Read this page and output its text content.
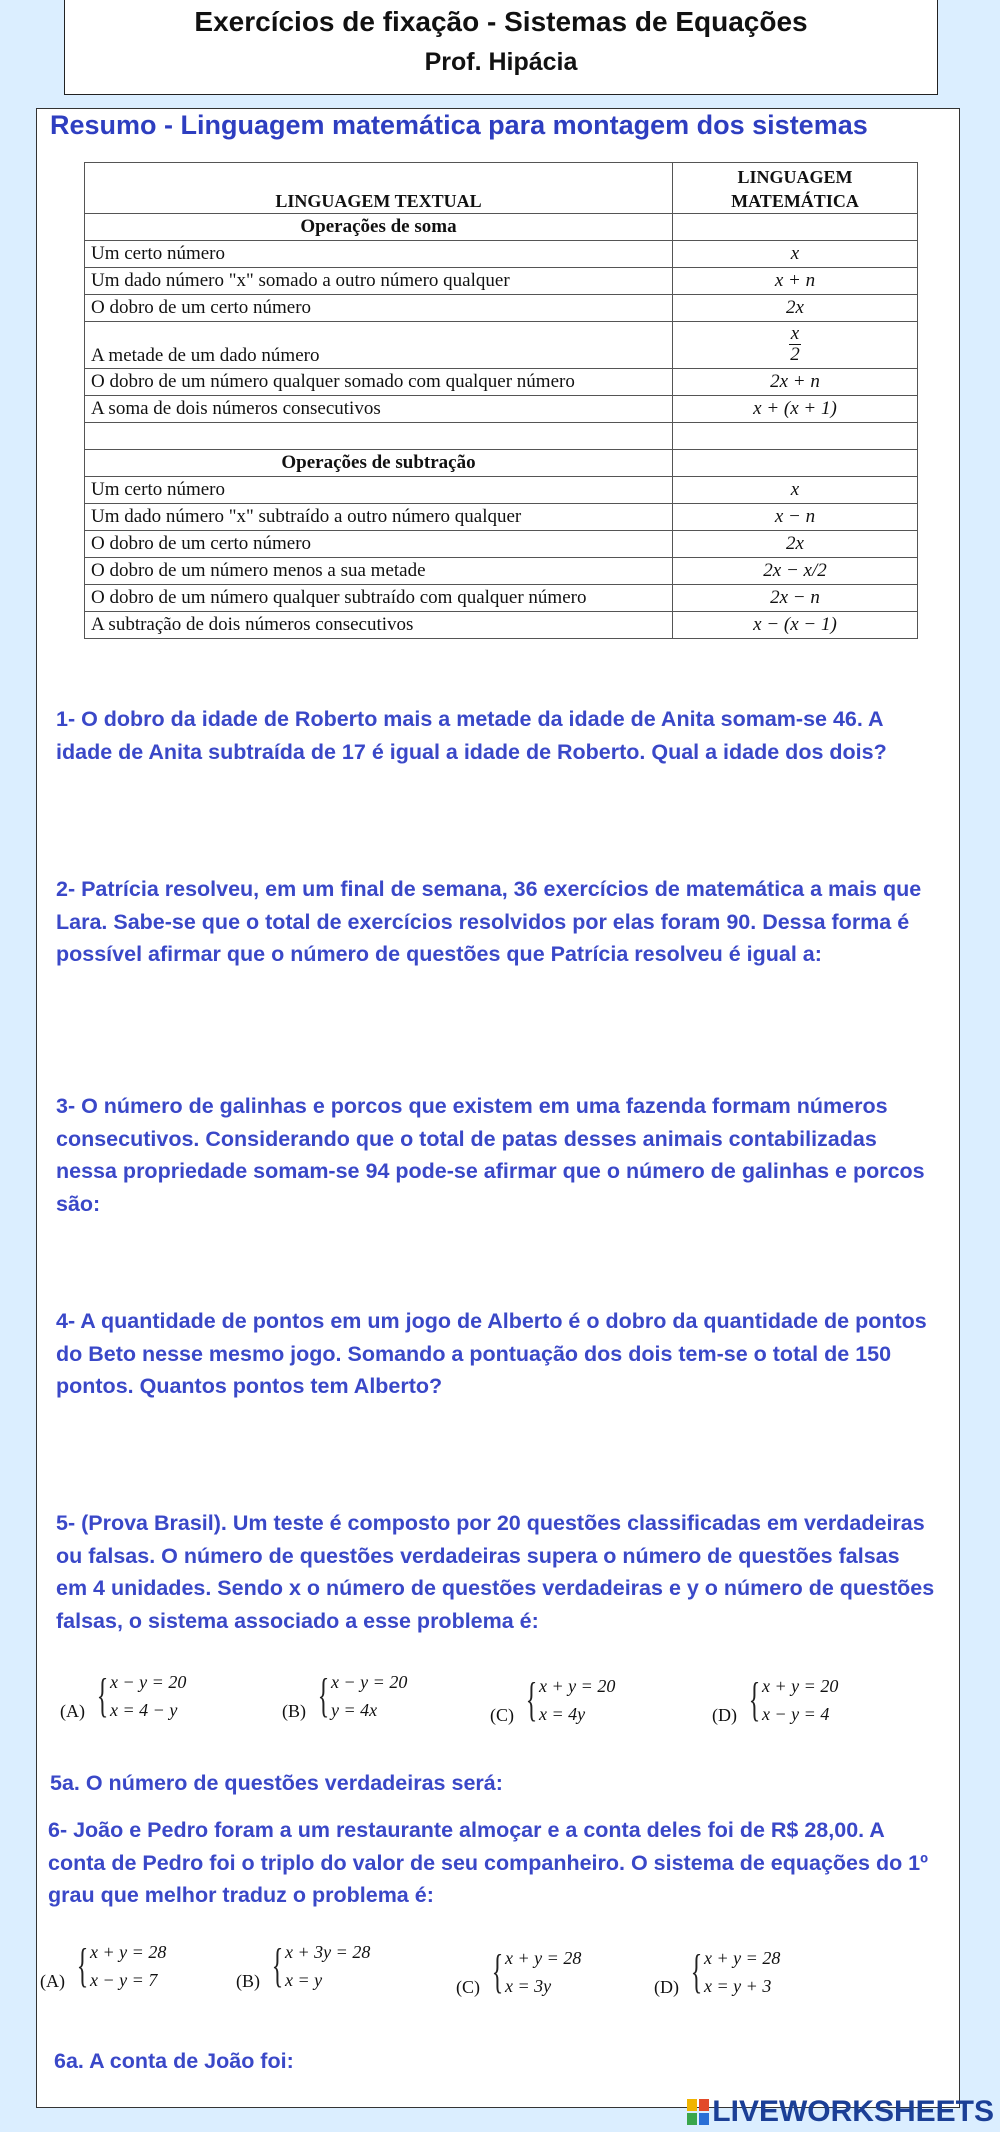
Exercícios de fixação - Sistemas de Equações
Prof. Hipácia
Resumo - Linguagem matemática para montagem dos sistemas
LINGUAGEM TEXTUAL	LINGUAGEM
MATEMÁTICA

Operações de soma	
Um certo número	x
Um dado número "x" somado a outro número qualquer	x + n
O dobro de um certo número	2x
A metade de um dado número	$\frac{x}{2}$

O dobro de um número qualquer somado com qualquer número	2x + n
A soma de dois números consecutivos	x + (x + 1)

Operações de subtração	
Um certo número	x
Um dado número "x" subtraído a outro número qualquer	x − n
O dobro de um certo número	2x
O dobro de um número menos a sua metade	2x − x/2
O dobro de um número qualquer subtraído com qualquer número	2x − n
A subtração de dois números consecutivos	x − (x − 1)
1- O dobro da idade de Roberto mais a metade da idade de Anita somam-se 46. A idade de Anita subtraída de 17 é igual a idade de Roberto. Qual a idade dos dois?
2- Patrícia resolveu, em um final de semana, 36 exercícios de matemática a mais que Lara. Sabe-se que o total de exercícios resolvidos por elas foram 90. Dessa forma é possível afirmar que o número de questões que Patrícia resolveu é igual a:
3- O número de galinhas e porcos que existem em uma fazenda formam números consecutivos. Considerando que o total de patas desses animais contabilizadas nessa propriedade somam-se 94 pode-se afirmar que o número de galinhas e porcos são:
4- A quantidade de pontos em um jogo de Alberto é o dobro da quantidade de pontos do Beto nesse mesmo jogo. Somando a pontuação dos dois tem-se o total de 150 pontos. Quantos pontos tem Alberto?
5- (Prova Brasil). Um teste é composto por 20 questões classificadas em verdadeiras ou falsas. O número de questões verdadeiras supera o número de questões falsas em 4 unidades. Sendo x o número de questões verdadeiras e y o número de questões falsas, o sistema associado a esse problema é:
(A) { x − y = 20
x = 4 − y	(B) { x − y = 20
y = 4x	(C) { x + y = 20
x = 4y	(D) { x + y = 20
x − y = 4
5a. O número de questões verdadeiras será:
6- João e Pedro foram a um restaurante almoçar e a conta deles foi de R$ 28,00. A conta de Pedro foi o triplo do valor de seu companheiro. O sistema de equações do 1º grau que melhor traduz o problema é:
(A) { x + y = 28
x − y = 7	(B) { x + 3y = 28
x = y	(C) { x + y = 28
x = 3y	(D) { x + y = 28
x = y + 3
6a. A conta de João foi:
LIVEWORKSHEETS
